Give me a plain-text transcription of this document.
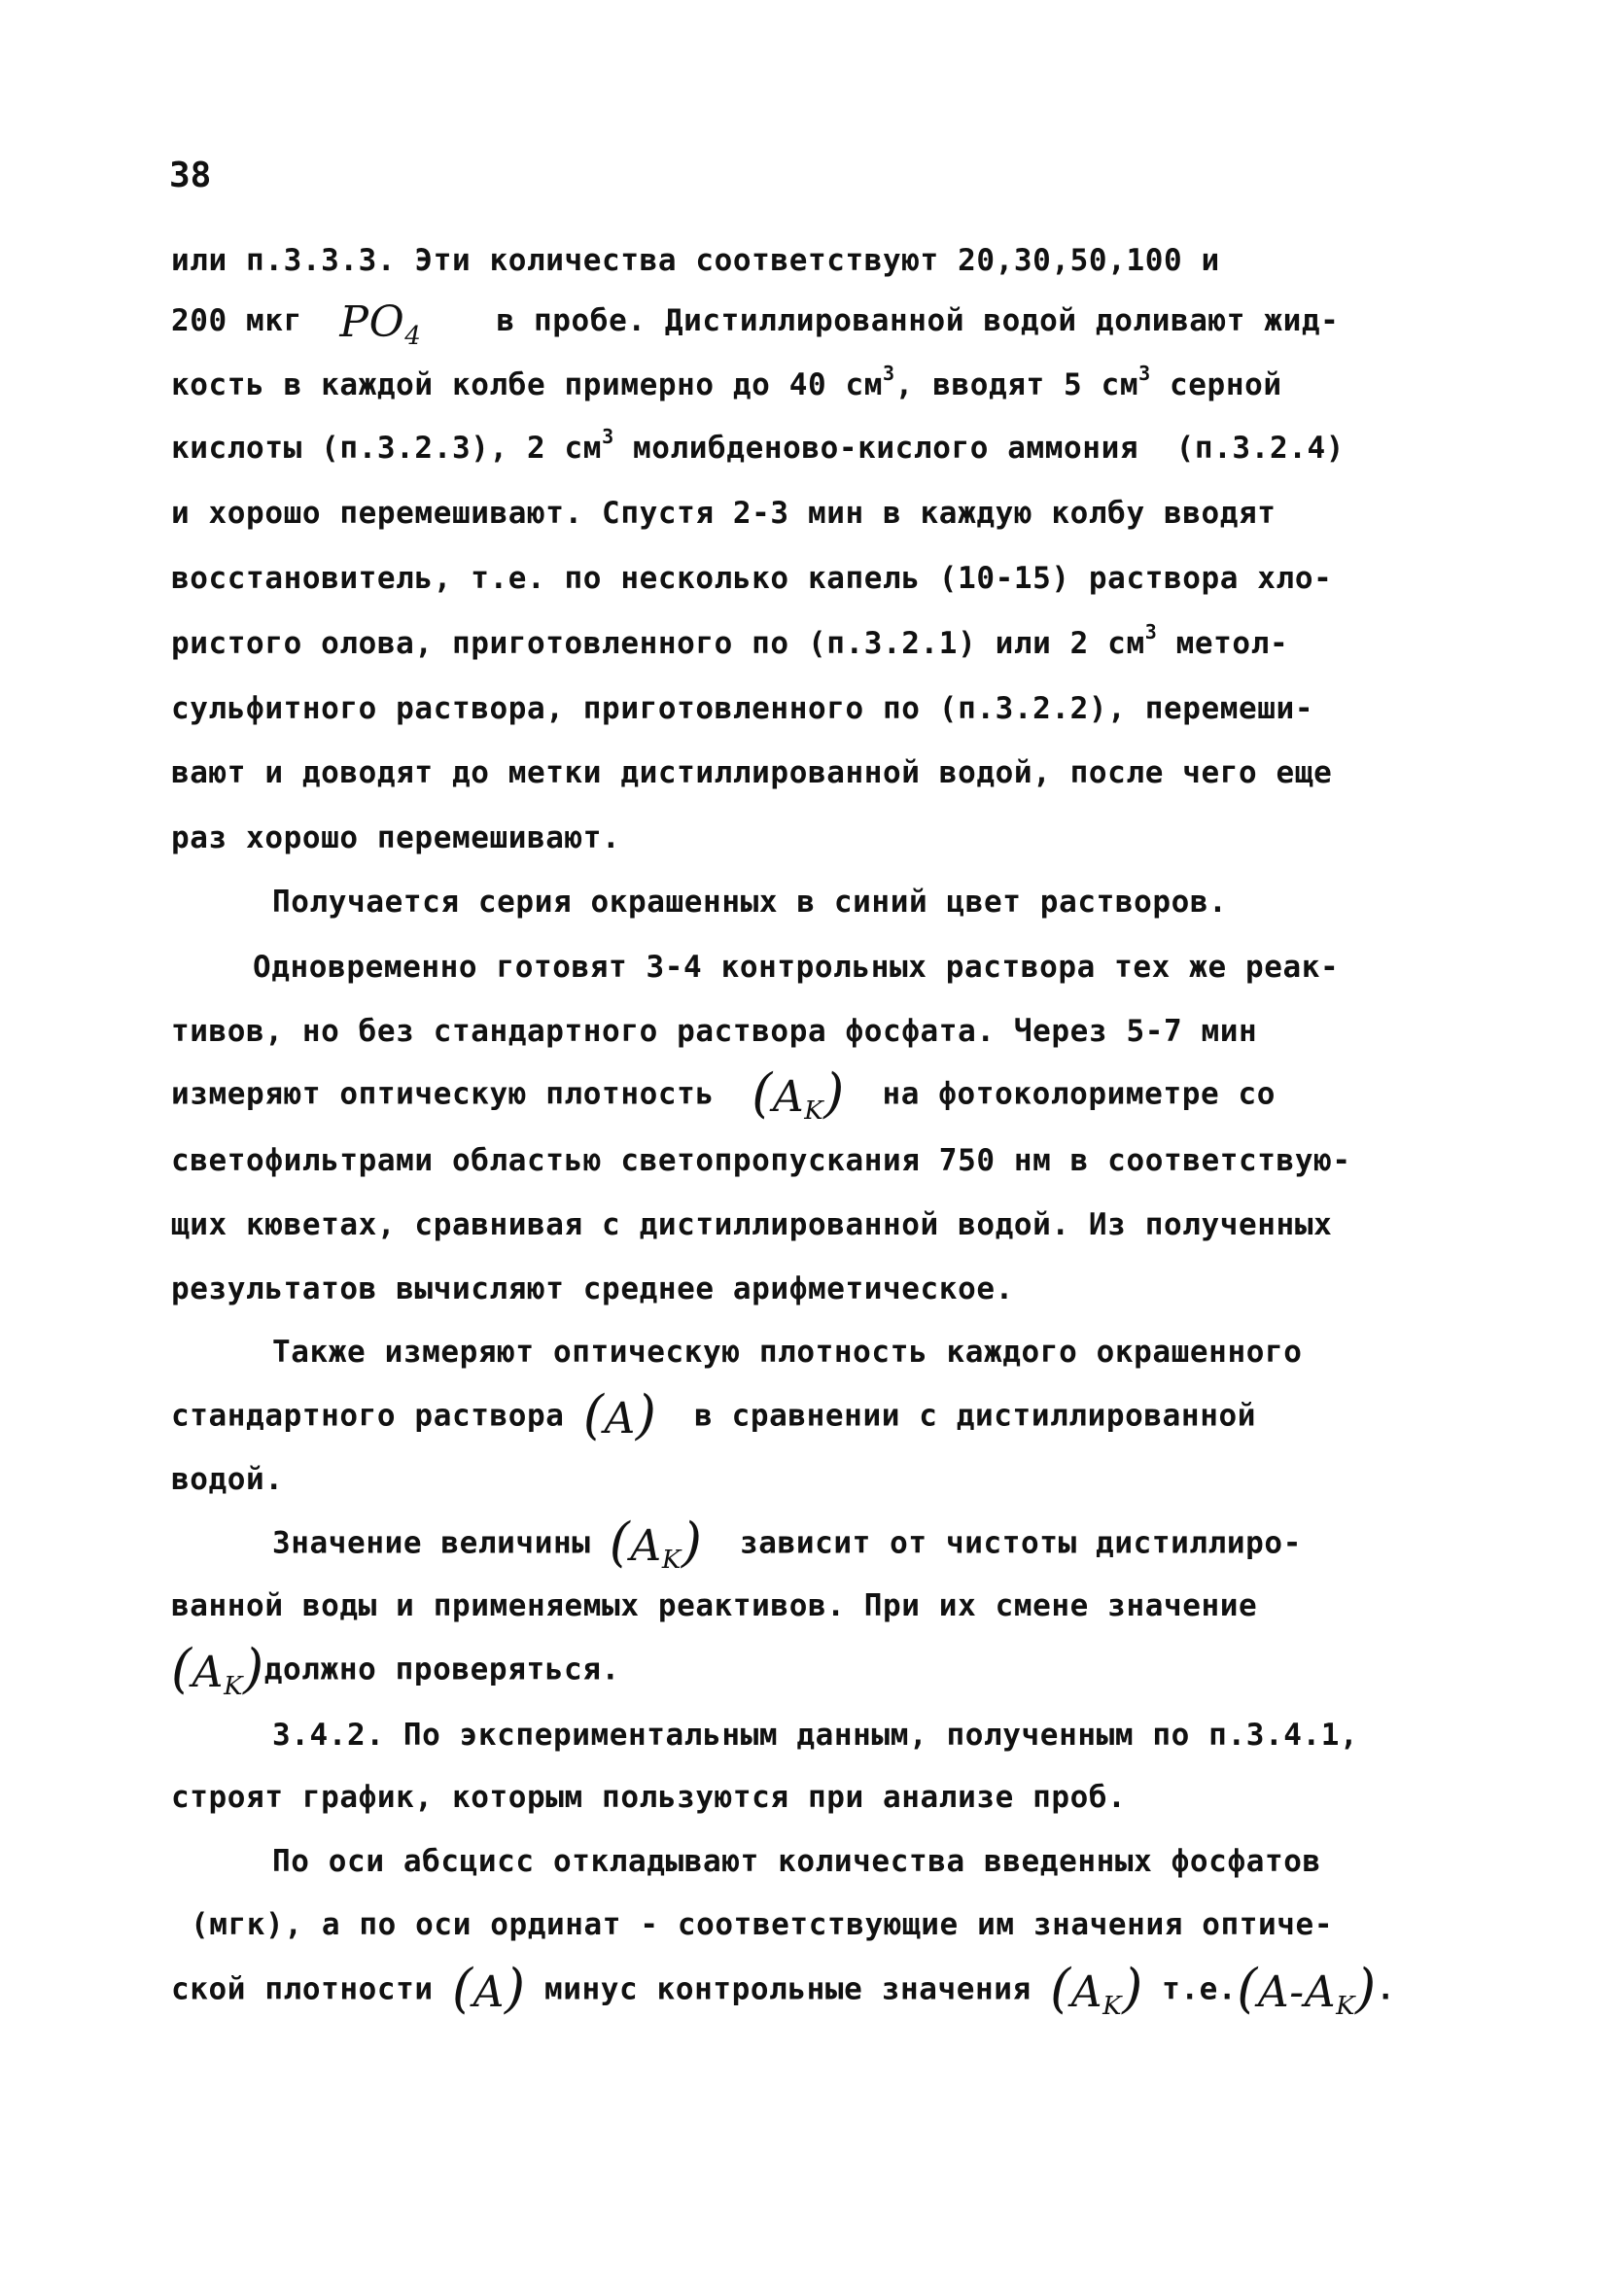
38
или п.3.3.3. Эти количества соответствуют 20,30,50,100 и
200 мкг $PO_4$ в пробе. Дистиллированной водой доливают жид-
кость в каждой колбе примерно до 40 $см^3$, вводят 5 $см^3$ серной
кислоты (п.3.2.3), 2 $см^3$ молибденово-кислого аммония  (п.3.2.4)
и хорошо перемешивают. Спустя 2-3 мин в каждую колбу вводят
восстановитель, т.е. по несколько капель (10-15) раствора хло-
ристого олова, приготовленного по (п.3.2.1) или 2 $см^3$ метол-
сульфитного раствора, приготовленного по (п.3.2.2), перемеши-
вают и доводят до метки дистиллированной водой, после чего еще
раз хорошо перемешивают.
Получается серия окрашенных в синий цвет растворов.
Одновременно готовят 3-4 контрольных раствора тех же реак-
тивов, но без стандартного раствора фосфата. Через 5-7 мин
измеряют оптическую плотность $(A_K)$ на фотоколориметре со
светофильтрами областью светопропускания 750 нм в соответствую-
щих кюветах, сравнивая с дистиллированной водой. Из полученных
результатов вычисляют среднее арифметическое.
Также измеряют оптическую плотность каждого окрашенного
стандартного раствора (A) в сравнении с дистиллированной
водой.
Значение величины $(A_K)$ зависит от чистоты дистиллиро-
ванной воды и применяемых реактивов. При их смене значение
$(A_K)должно$ проверяться.
3.4.2. По экспериментальным данным, полученным по п.3.4.1,
строят график, которым пользуются при анализе проб.
По оси абсцисс откладывают количества введенных фосфатов
(мгк), а по оси ординат - соответствующие им значения оптиче-
ской плотности (A) минус контрольные значения $(A_K)$ $т.е.(A-A_K)$.
